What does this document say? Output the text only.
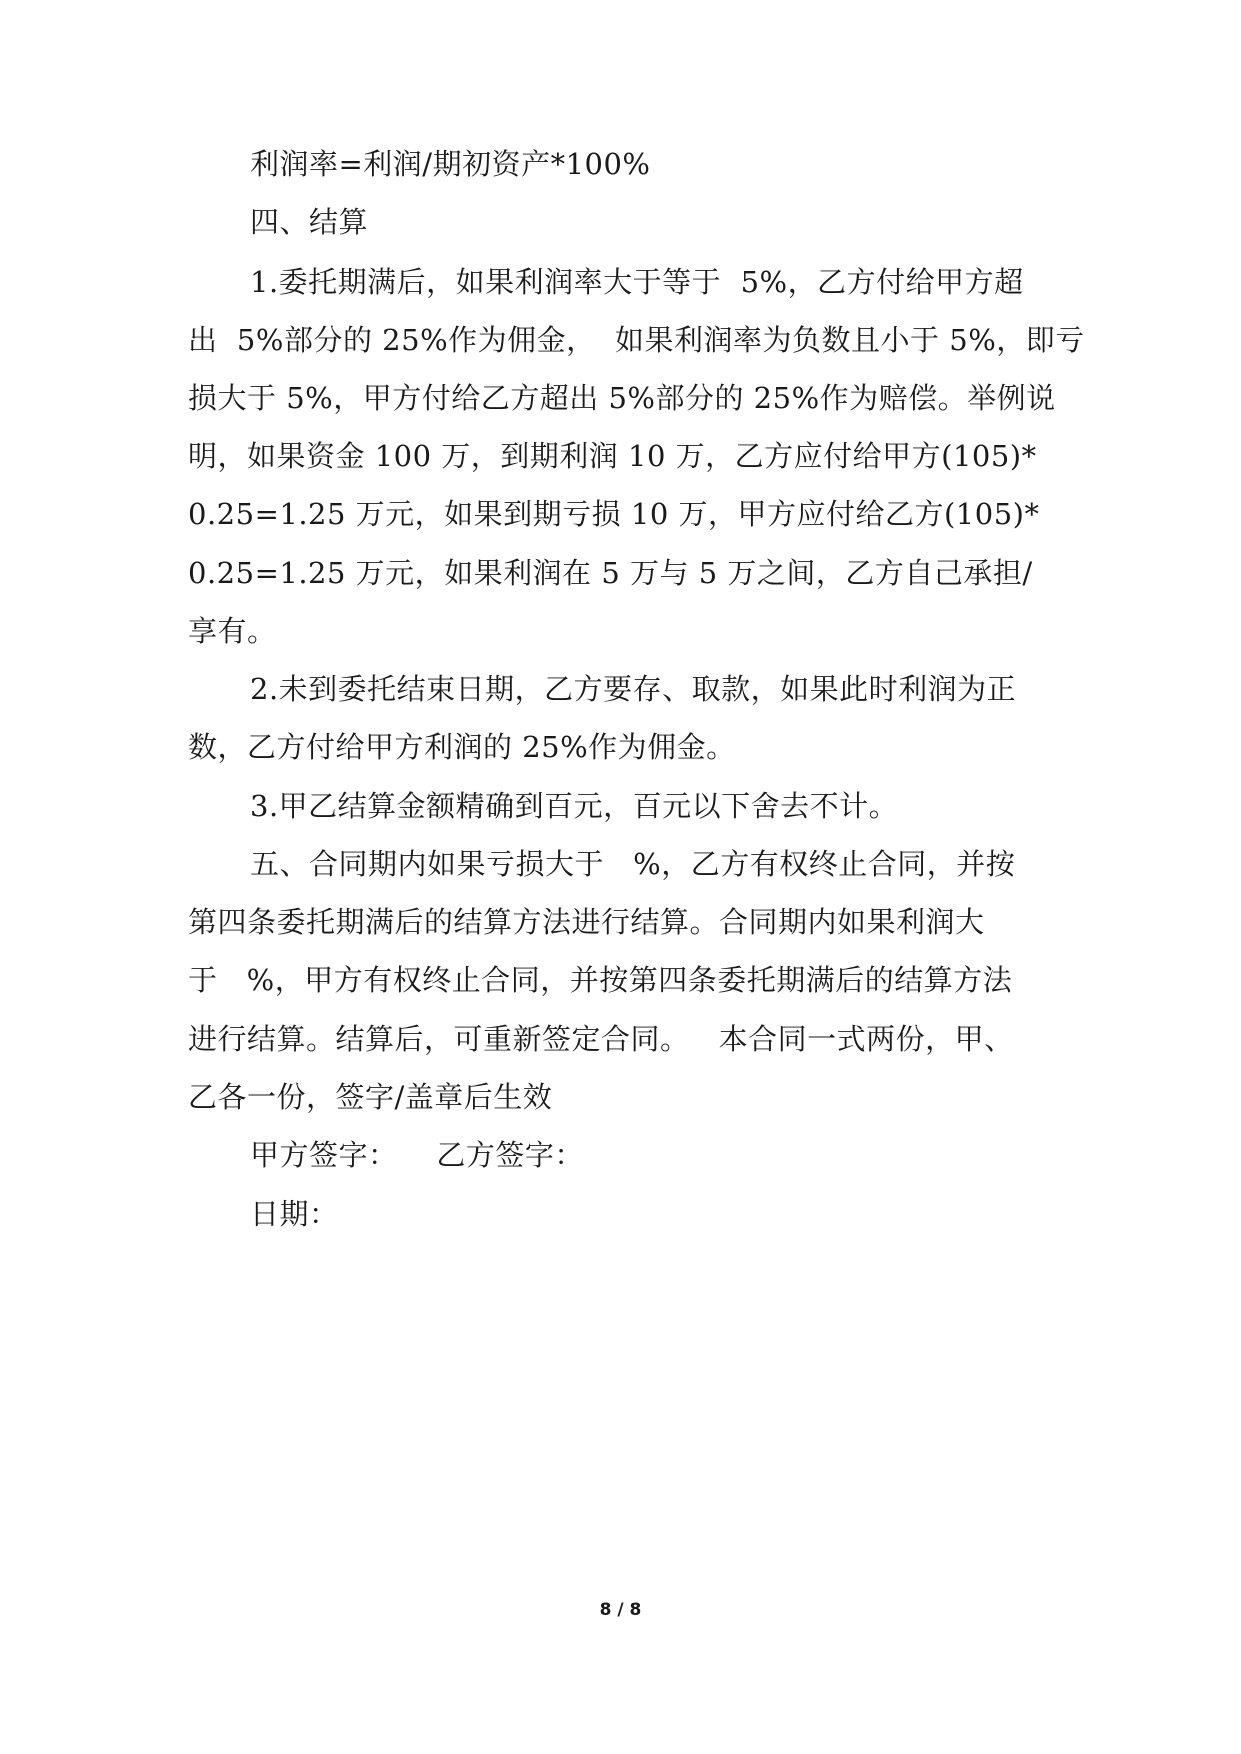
利润率=利润/期初资产*100%
四、结算
1.委托期满后，如果利润率大于等于  5%，乙方付给甲方超
出  5%部分的 25%作为佣金，  如果利润率为负数且小于 5%，即亏
损大于 5%，甲方付给乙方超出 5%部分的 25%作为赔偿。举例说
明，如果资金 100 万，到期利润 10 万，乙方应付给甲方(105)*
0.25=1.25 万元，如果到期亏损 10 万，甲方应付给乙方(105)*
0.25=1.25 万元，如果利润在 5 万与 5 万之间，乙方自己承担/
享有。
2.未到委托结束日期，乙方要存、取款，如果此时利润为正
数，乙方付给甲方利润的 25%作为佣金。
3.甲乙结算金额精确到百元，百元以下舍去不计。
五、合同期内如果亏损大于   %，乙方有权终止合同，并按
第四条委托期满后的结算方法进行结算。合同期内如果利润大
于   %，甲方有权终止合同，并按第四条委托期满后的结算方法
进行结算。结算后，可重新签定合同。   本合同一式两份，甲、
乙各一份，签字/盖章后生效
甲方签字：    乙方签字：
日期：
8 / 8
